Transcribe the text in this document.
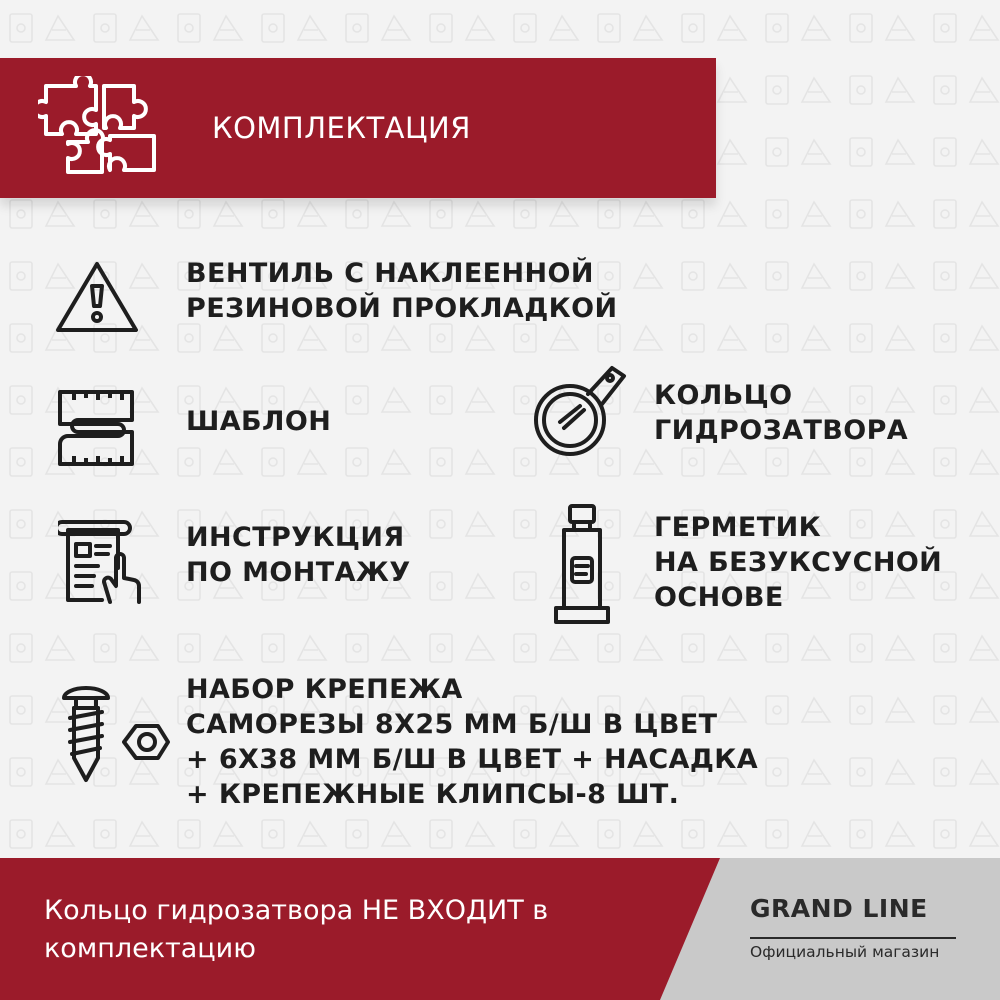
КОМПЛЕКТАЦИЯ
ВЕНТИЛЬ С НАКЛЕЕННОЙ
РЕЗИНОВОЙ ПРОКЛАДКОЙ
ШАБЛОН
КОЛЬЦО
ГИДРОЗАТВОРА
ИНСТРУКЦИЯ
ПО МОНТАЖУ
ГЕРМЕТИК
НА БЕЗУКСУСНОЙ
ОСНОВЕ
НАБОР КРЕПЕЖА
САМОРЕЗЫ 8Х25 ММ Б/Ш В ЦВЕТ
+ 6Х38 ММ Б/Ш В ЦВЕТ + НАСАДКА
+ КРЕПЕЖНЫЕ КЛИПСЫ-8 ШТ.
Кольцо гидрозатвора НЕ ВХОДИТ в комплектацию
GRAND LINE
Официальный магазин
